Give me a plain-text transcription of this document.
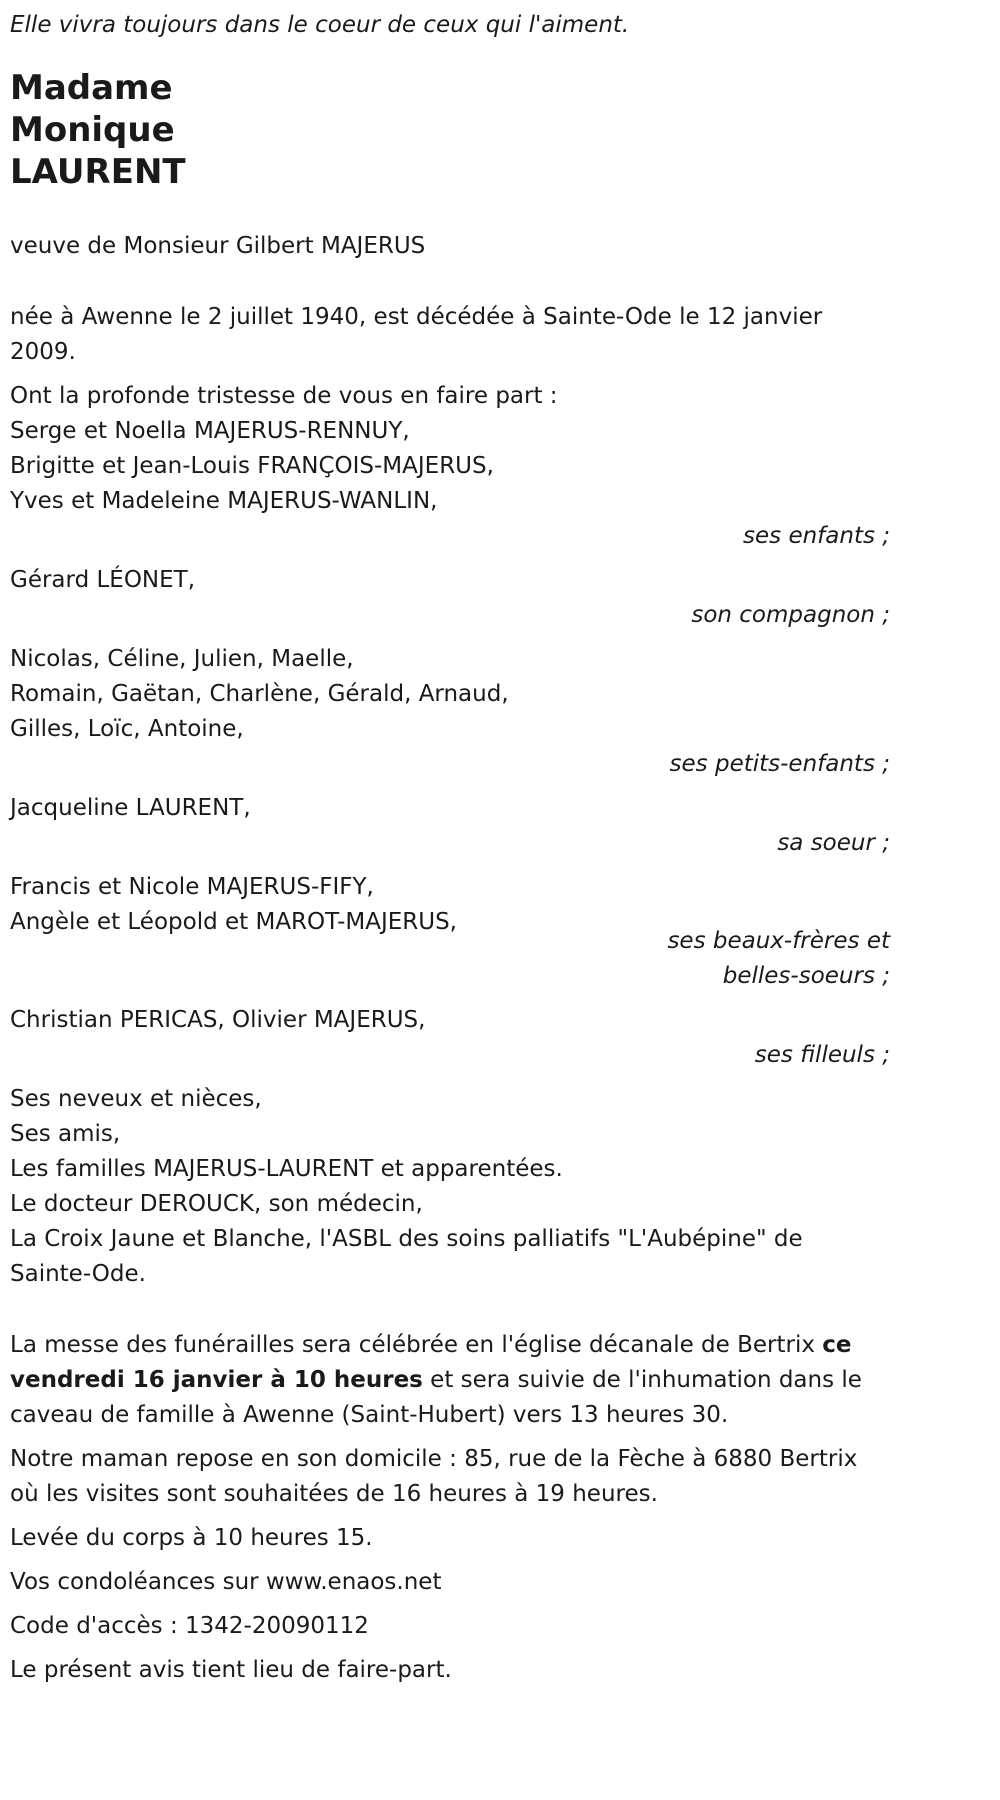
Elle vivra toujours dans le coeur de ceux qui l'aiment.
Madame
Monique
LAURENT
veuve de Monsieur Gilbert MAJERUS
née à Awenne le 2 juillet 1940, est décédée à Sainte-Ode le 12 janvier
2009.
Ont la profonde tristesse de vous en faire part :
Serge et Noella MAJERUS-RENNUY,
Brigitte et Jean-Louis FRANÇOIS-MAJERUS,
Yves et Madeleine MAJERUS-WANLIN,
ses enfants ;
Gérard LÉONET,
son compagnon ;
Nicolas, Céline, Julien, Maelle,
Romain, Gaëtan, Charlène, Gérald, Arnaud,
Gilles, Loïc, Antoine,
ses petits-enfants ;
Jacqueline LAURENT,
sa soeur ;
Francis et Nicole MAJERUS-FIFY,
Angèle et Léopold et MAROT-MAJERUS,
ses beaux-frères et
belles-soeurs ;
Christian PERICAS, Olivier MAJERUS,
ses filleuls ;
Ses neveux et nièces,
Ses amis,
Les familles MAJERUS-LAURENT et apparentées.
Le docteur DEROUCK, son médecin,
La Croix Jaune et Blanche, l'ASBL des soins palliatifs "L'Aubépine" de
Sainte-Ode.
La messe des funérailles sera célébrée en l'église décanale de Bertrix ce
vendredi 16 janvier à 10 heures et sera suivie de l'inhumation dans le
caveau de famille à Awenne (Saint-Hubert) vers 13 heures 30.
Notre maman repose en son domicile : 85, rue de la Fèche à 6880 Bertrix
où les visites sont souhaitées de 16 heures à 19 heures.
Levée du corps à 10 heures 15.
Vos condoléances sur www.enaos.net
Code d'accès : 1342-20090112
Le présent avis tient lieu de faire-part.
